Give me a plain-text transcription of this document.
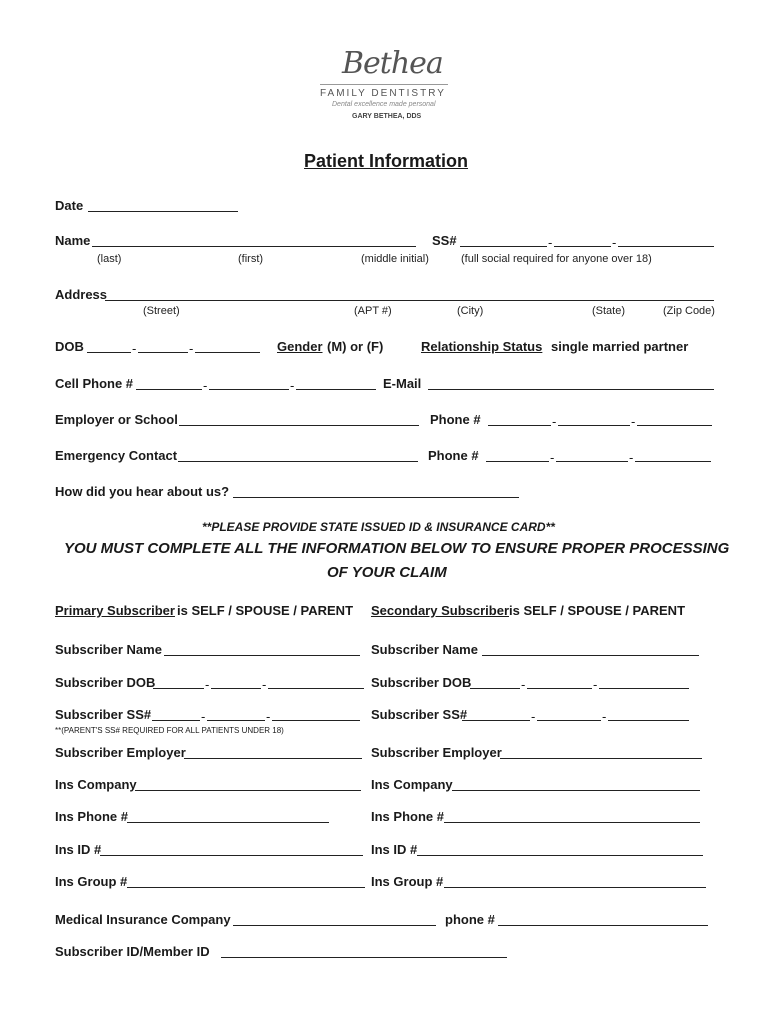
Bethea
FAMILY DENTISTRY
Dental excellence made personal
GARY BETHEA, DDS
Patient Information
Date
Name	SS#	-	-
(last)	(first)	(middle initial)	(full social required for anyone over 18)
Address
(Street)	(APT #)	(City)	(State)	(Zip Code)
DOB	-	-	Gender (M) or (F)	Relationship Status single married partner
Cell Phone #	-	-	E-Mail
Employer or School	Phone #	-	-
Emergency Contact	Phone #	-	-
How did you hear about us?
**PLEASE PROVIDE STATE ISSUED ID & INSURANCE CARD**
YOU MUST COMPLETE ALL THE INFORMATION BELOW TO ENSURE PROPER PROCESSING
OF YOUR CLAIM
Primary Subscriber is SELF / SPOUSE / PARENT Secondary Subscriber is SELF / SPOUSE / PARENT
Subscriber Name	Subscriber Name
Subscriber DOB	-	-	Subscriber DOB	-	-
Subscriber SS#	-	-	Subscriber SS#	-	-
**(PARENT'S SS# REQUIRED FOR ALL PATIENTS UNDER 18)
Subscriber Employer	Subscriber Employer
Ins Company	Ins Company
Ins Phone #	Ins Phone #
Ins ID #	Ins ID #
Ins Group #	Ins Group #
Medical Insurance Company	phone #
Subscriber ID/Member ID
